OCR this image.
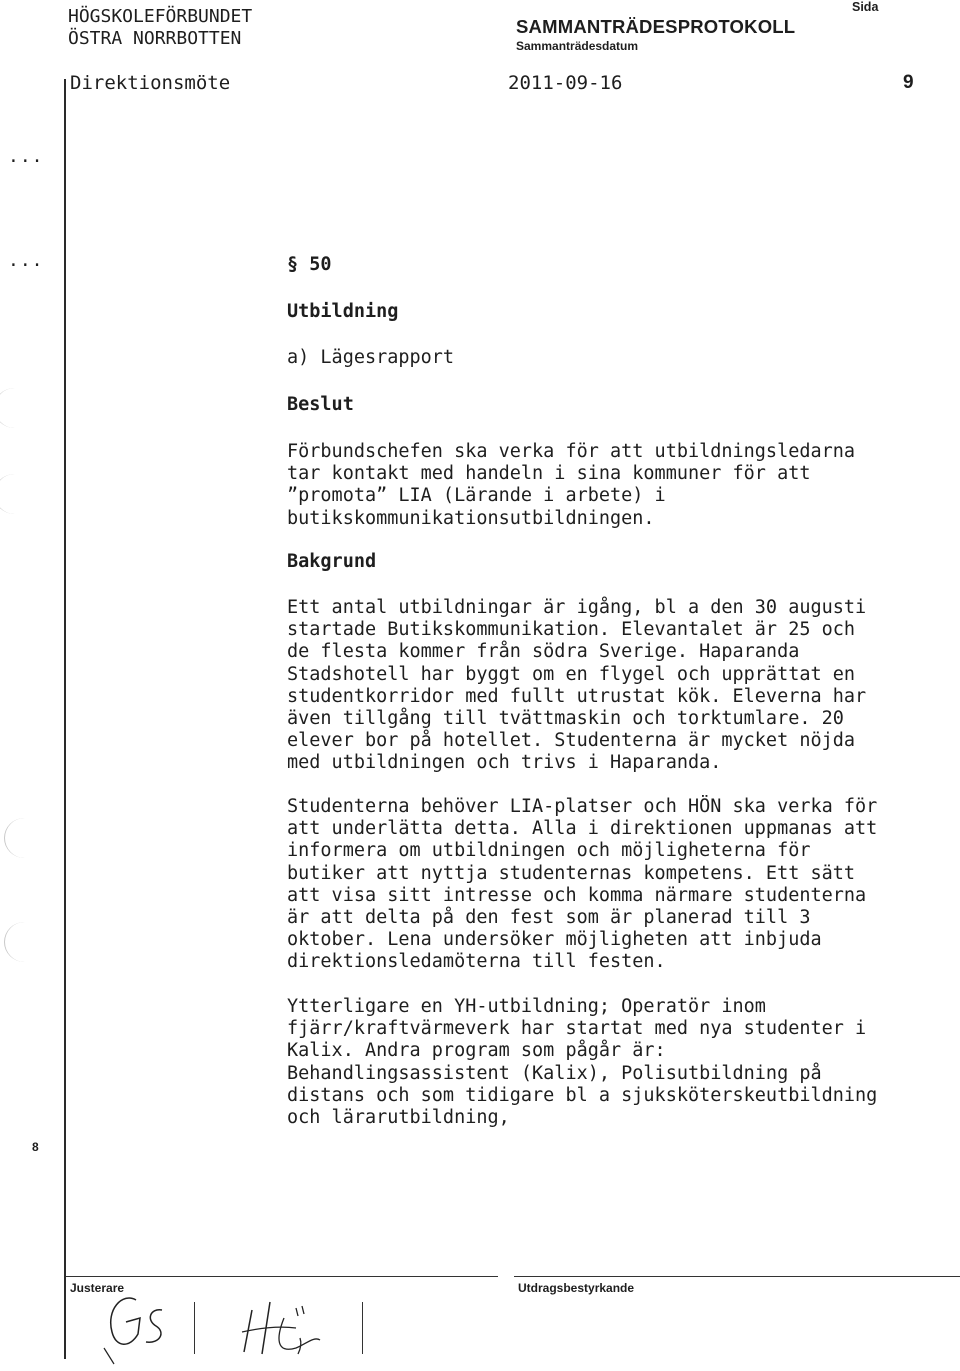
HÖGSKOLEFÖRBUNDET
ÖSTRA NORRBOTTEN
SAMMANTRÄDESPROTOKOLL
Sammanträdesdatum
Sida
Direktionsmöte	2011-09-16	9
...
...
8
§ 50
Utbildning
a) Lägesrapport
Beslut
Förbundschefen ska verka för att utbildningsledarna
tar kontakt med handeln i sina kommuner för att
”promota” LIA (Lärande i arbete) i
butikskommunikationsutbildningen.
Bakgrund
Ett antal utbildningar är igång, bl a den 30 augusti
startade Butikskommunikation. Elevantalet är 25 och
de flesta kommer från södra Sverige. Haparanda
Stadshotell har byggt om en flygel och upprättat en
studentkorridor med fullt utrustat kök. Eleverna har
även tillgång till tvättmaskin och torktumlare. 20
elever bor på hotellet. Studenterna är mycket nöjda
med utbildningen och trivs i Haparanda.
Studenterna behöver LIA-platser och HÖN ska verka för
att underlätta detta. Alla i direktionen uppmanas att
informera om utbildningen och möjligheterna för
butiker att nyttja studenternas kompetens. Ett sätt
att visa sitt intresse och komma närmare studenterna
är att delta på den fest som är planerad till 3
oktober. Lena undersöker möjligheten att inbjuda
direktionsledamöterna till festen.
Ytterligare en YH-utbildning; Operatör inom
fjärr/kraftvärmeverk har startat med nya studenter i
Kalix. Andra program som pågår är:
Behandlingsassistent (Kalix), Polisutbildning på
distans och som tidigare bl a sjuksköterskeutbildning
och lärarutbildning,
Justerare	Utdragsbestyrkande
